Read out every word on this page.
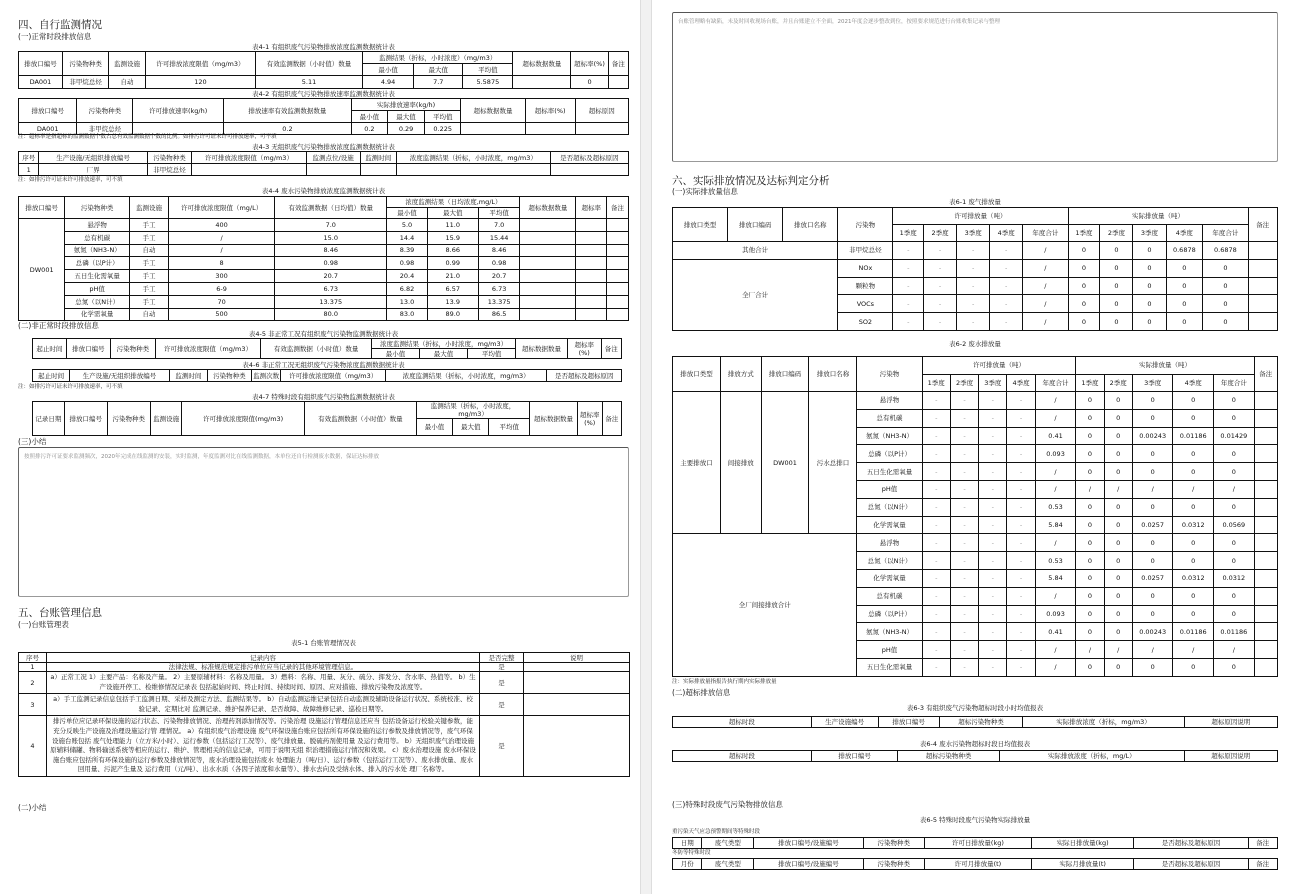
四、自行监测情况
(一)正常时段排放信息
表4-1 有组织废气污染物排放浓度监测数据统计表
排放口编号	污染物种类	监测设施	许可排放浓度限值（mg/m3）	有效监测数据（小时值）数量	监测结果（折标，小时浓度）（mg/m3）			超标数据数量	超标率(%)	备注
					最小值	最大值	平均值			
DA001	非甲烷总烃	自动	120	5.11	4.94	7.7	5.5875		0	
表4-2 有组织废气污染物排放速率监测数据统计表
排放口编号	污染物种类	许可排放速率(kg/h)	排放速率有效监测数据数量	实际排放速率(kg/h)			超标数据数量	超标率(%)	超标原因
				最小值	最大值	平均值			
DA001	非甲烷总烃		0.2	0.2	0.29	0.225			
注：超标率是指超标的监测数据个数占总有效监测数据个数的比例。如排污许可证未许可排放速率，可不填
表4-3 无组织废气污染物排放浓度监测数据统计表
序号	生产设施/无组织排放编号	污染物种类	许可排放浓度限值（mg/m3）	监测点位/设施	监测时间	浓度监测结果（折标，小时浓度，mg/m3）	是否超标及超标原因
1	厂界	非甲烷总烃					
注：如排污许可证未许可排放速率，可不填
表4-4 废水污染物排放浓度监测数据统计表
排放口编号	污染物种类	监测设施	许可排放浓度限值（mg/L）	有效监测数据（日均值）数量	浓度监测结果（日均浓度,mg/L）			超标数据数量	超标率	备注
					最小值	最大值	平均值			
DW001	悬浮物	手工	400	7.0	5.0	11.0	7.0			
	总有机碳	手工	/	15.0	14.4	15.9	15.44			
	氨氮（NH3-N）	自动	/	8.46	8.39	8.66	8.46			
	总磷（以P计）	手工	8	0.98	0.98	0.99	0.98			
	五日生化需氧量	手工	300	20.7	20.4	21.0	20.7			
	pH值	手工	6-9	6.73	6.82	6.57	6.73			
	总氮（以N计）	手工	70	13.375	13.0	13.9	13.375			
	化学需氧量	自动	500	80.0	83.0	89.0	86.5			
(二)非正常时段排放信息
表4-5 非正常工况有组织废气污染物监测数据统计表
起止时间	排放口编号	污染物种类	许可排放浓度限值（mg/m3）	有效监测数据（小时值）数量	浓度监测结果（折标，小时浓度，mg/m3）			超标数据数量	超标率(%)	备注
					最小值	最大值	平均值			
表4-6 非正常工况无组织废气污染物浓度监测数据统计表
起止时间	生产设施/无组织排放编号	监测时间	污染物种类	监测次数	许可排放浓度限值（mg/m3）	浓度监测结果（折标，小时浓度，mg/m3）	是否超标及超标原因
注：如排污许可证未许可排放速率，可不填
表4-7 特殊时段有组织废气污染物监测数据统计表
记录日期	排放口编号	污染物种类	监测设施	许可排放浓度限值(mg/m3)	有效监测数据（小时值）数量	监测结果（折标，小时浓度，mg/m3）			超标数据数量	超标率(%)	备注
						最小值	最大值	平均值			
(三)小结
按照排污许可证要求监测频次，2020年完成在线监测的安装，实时监测，年度监测对比在线监测数据，本单位还自行检测废水数据，保证达标排放
五、台账管理信息
(一)台账管理表
表5-1 台账管理情况表
序号	记录内容	是否完整	说明
1	法律法规、标准规范规定排污单位应当记录的其他环境管理信息。	是	
2	a）正常工况 1）主要产品：名称及产量。 2）主要原辅材料：名称及用量。 3）燃料：名称、用量、灰分、硫分、挥发分、含水率、热值等。 b）生产设施开停工、检维修情况记录表 包括起始时间、终止时间、持续时间、原因、应对措施、排放污染物及浓度等。	是	
3	a）手工监测记录信息包括手工监测日期、采样及测定方法、监测结果等。 b）自动监测运维记录包括自动监测及辅助设备运行状况、系统校准、校验记录、定期比对 监测记录、维护保养记录、是否故障、故障维修记录、巡检日期等。	是	
4	排污单位应记录环保设施的运行状态、污染物排放情况、治理药剂添加情况等。污染治理 设施运行管理信息还应当 包括设备运行校验关键参数，能充分反映生产设施及治理设施运行管 理情况。 a）有组织废气治理设施 废气环保设施台账应包括所有环保设施的运行参数及排放情况等，废气环保设施台账包括 废气处理能力（立方米/小时）、运行参数（包括运行工况等）、废气排放量、脱硫药剂使用量 及运行费用等。 b）无组织废气治理设施 原辅料储罐、物料输送系统等相应的运行、维护、管理相关的信息记录，可用于说明无组 织治理措施运行情况和效果。 c）废水治理设施 废水环保设施台账应包括所有环保设施的运行参数及排放情况等，废水治理设施包括废水 处理能力（吨/日）、运行参数（包括运行工况等）、废水排放量、废水回用量、污泥产生量及 运行费用（元/吨）、出水水质（各因子浓度和水量等）、排水去向及受纳水体、排入的污水处 理厂名称等。	是	
(二)小结
台账管理略有缺陷，未及时回收现场台账，并且台账建立不全面，2021年度会逐步整改到位，按照要求规范进行台账收集记录与整理
六、实际排放情况及达标判定分析
(一)实际排放量信息
表6-1 废气排放量
排放口类型	排放口编码	排放口名称	污染物	许可排放量（吨）					实际排放量（吨）					备注
				1季度	2季度	3季度	4季度	年度合计	1季度	2季度	3季度	4季度	年度合计	
其他合计			非甲烷总烃	-	-	-	-	/	0	0	0	0.6878	0.6878	
全厂合计			NOx	-	-	-	-	/	0	0	0	0	0	
			颗粒物	-	-	-	-	/	0	0	0	0	0	
			VOCs	-	-	-	-	/	0	0	0	0	0	
			SO2	-	-	-	-	/	0	0	0	0	0	
表6-2 废水排放量
排放口类型	排放方式	排放口编码	排放口名称	污染物	许可排放量（吨）					实际排放量（吨）					备注
					1季度	2季度	3季度	4季度	年度合计	1季度	2季度	3季度	4季度	年度合计	
主要排放口	间接排放	DW001	污水总排口	悬浮物	-	-	-	-	/	0	0	0	0	0	
				总有机碳	-	-	-	-	/	0	0	0	0	0	
				氨氮（NH3-N）	-	-	-	-	0.41	0	0	0.00243	0.01186	0.01429	
				总磷（以P计）	-	-	-	-	0.093	0	0	0	0	0	
				五日生化需氧量	-	-	-	-	/	0	0	0	0	0	
				pH值	-	-	-	-	/	/	/	/	/	/	
				总氮（以N计）	-	-	-	-	0.53	0	0	0	0	0	
				化学需氧量	-	-	-	-	5.84	0	0	0.0257	0.0312	0.0569	
全厂间接排放合计				悬浮物	-	-	-	-	/	0	0	0	0	0	
				总氮（以N计）	-	-	-	-	0.53	0	0	0	0	0	
				化学需氧量	-	-	-	-	5.84	0	0	0.0257	0.0312	0.0312	
				总有机碳	-	-	-	-	/	0	0	0	0	0	
				总磷（以P计）	-	-	-	-	0.093	0	0	0	0	0	
				氨氮（NH3-N）	-	-	-	-	0.41	0	0	0.00243	0.01186	0.01186	
				pH值	-	-	-	-	/	/	/	/	/	/	
				五日生化需氧量	-	-	-	-	/	0	0	0	0	0	
注：实际排放量指报告执行期内实际排放量
(二)超标排放信息
表6-3 有组织废气污染物超标时段小时均值报表
超标时段	生产设施编号	排放口编号	超标污染物种类	实际排放浓度（折标，mg/m3）	超标原因说明
表6-4 废水污染物超标时段日均值报表
超标时段	排放口编号	超标污染物种类	实际排放浓度（折标，mg/L）	超标原因说明
(三)特殊时段废气污染物排放信息
表6-5 特殊时段废气污染物实际排放量
重污染天气应急预警期间等特殊时段
日期	废气类型	排放口编号/设施编号	污染物种类	许可日排放量(kg)	实际日排放量(kg)	是否超标及超标原因	备注
冬防等特殊时段
月份	废气类型	排放口编号/设施编号	污染物种类	许可月排放量(t)	实际月排放量(t)	是否超标及超标原因	备注
